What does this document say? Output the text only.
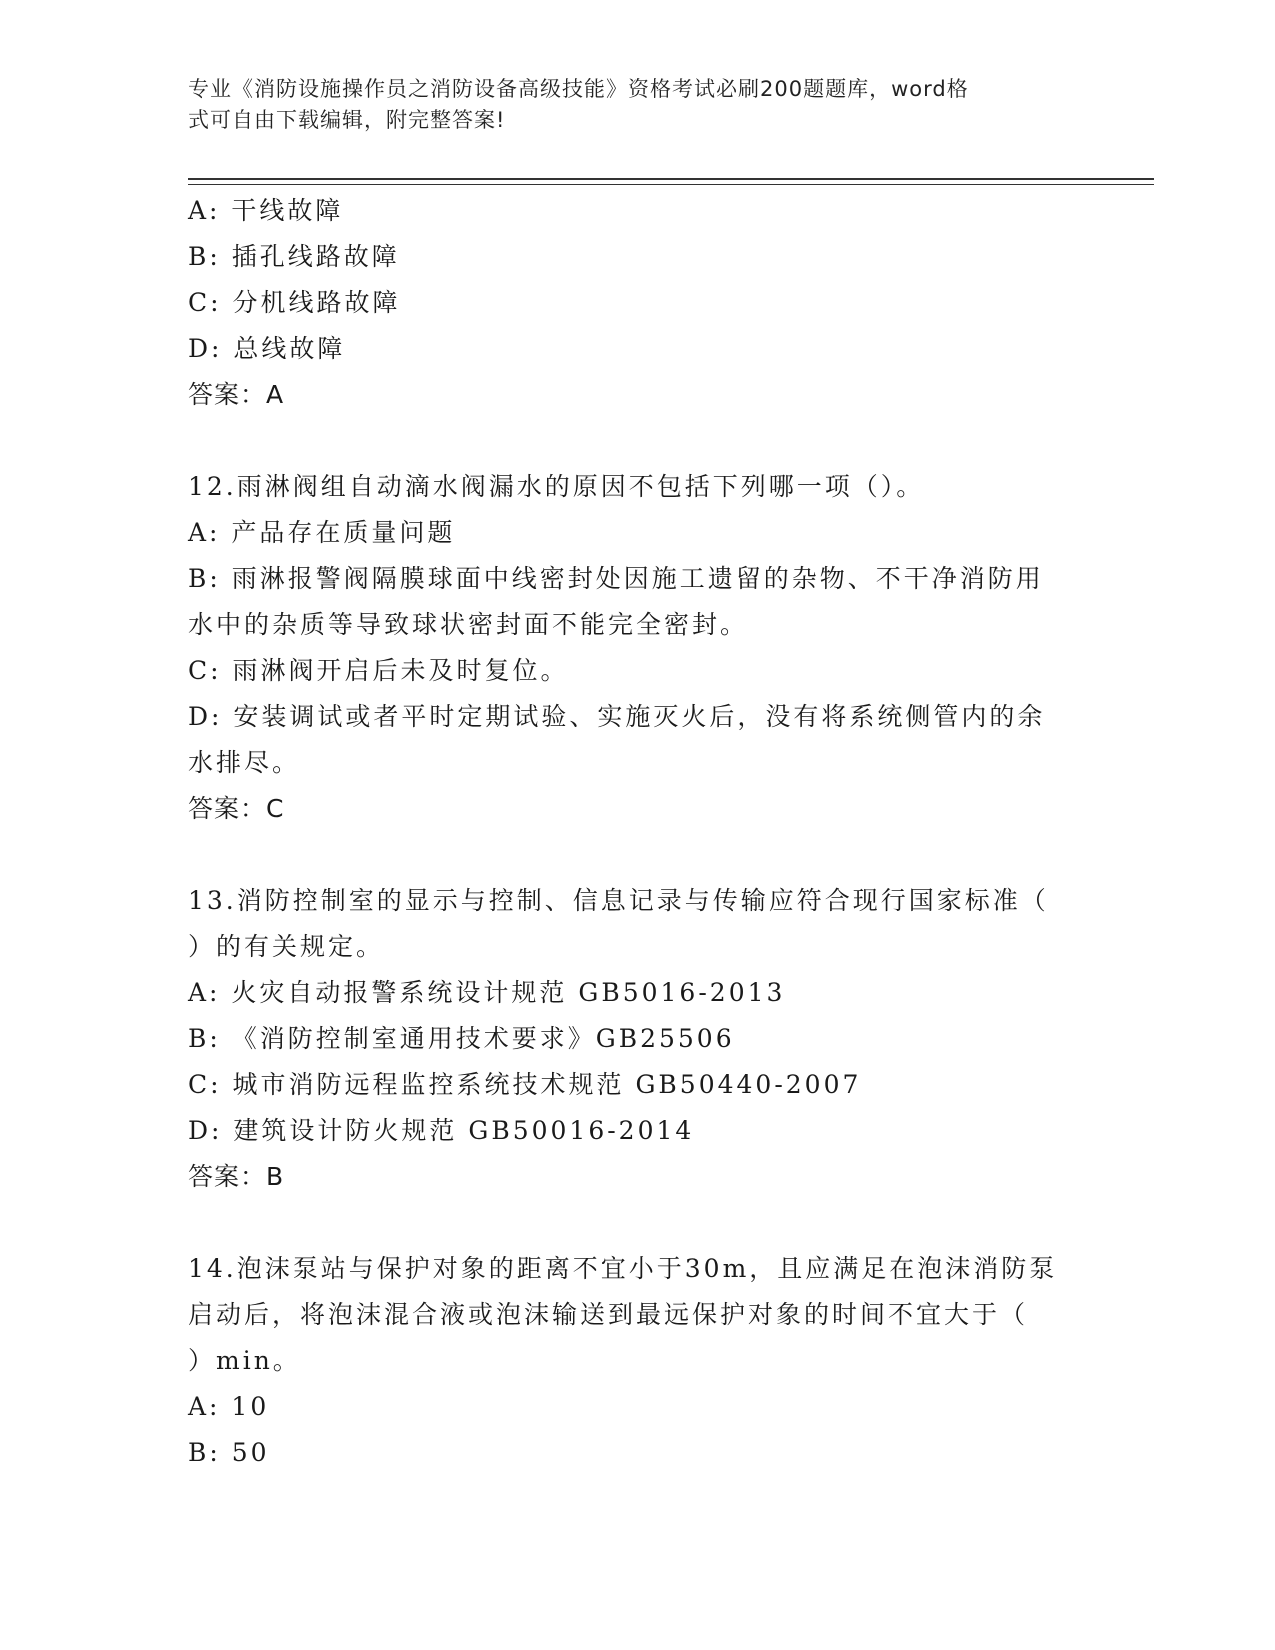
专业《消防设施操作员之消防设备高级技能》资格考试必刷200题题库，word格
式可自由下载编辑，附完整答案!
A: 干线故障
B: 插孔线路故障
C: 分机线路故障
D: 总线故障
答案：A
12.雨淋阀组自动滴水阀漏水的原因不包括下列哪一项（）。
A: 产品存在质量问题
B: 雨淋报警阀隔膜球面中线密封处因施工遗留的杂物、不干净消防用
水中的杂质等导致球状密封面不能完全密封。
C: 雨淋阀开启后未及时复位。
D: 安装调试或者平时定期试验、实施灭火后，没有将系统侧管内的余
水排尽。
答案：C
13.消防控制室的显示与控制、信息记录与传输应符合现行国家标准（
）的有关规定。
A: 火灾自动报警系统设计规范 GB5016-2013
B: 《消防控制室通用技术要求》GB25506
C: 城市消防远程监控系统技术规范 GB50440-2007
D: 建筑设计防火规范 GB50016-2014
答案：B
14.泡沫泵站与保护对象的距离不宜小于30m，且应满足在泡沫消防泵
启动后，将泡沫混合液或泡沫输送到最远保护对象的时间不宜大于（
）min。
A: 10
B: 50
